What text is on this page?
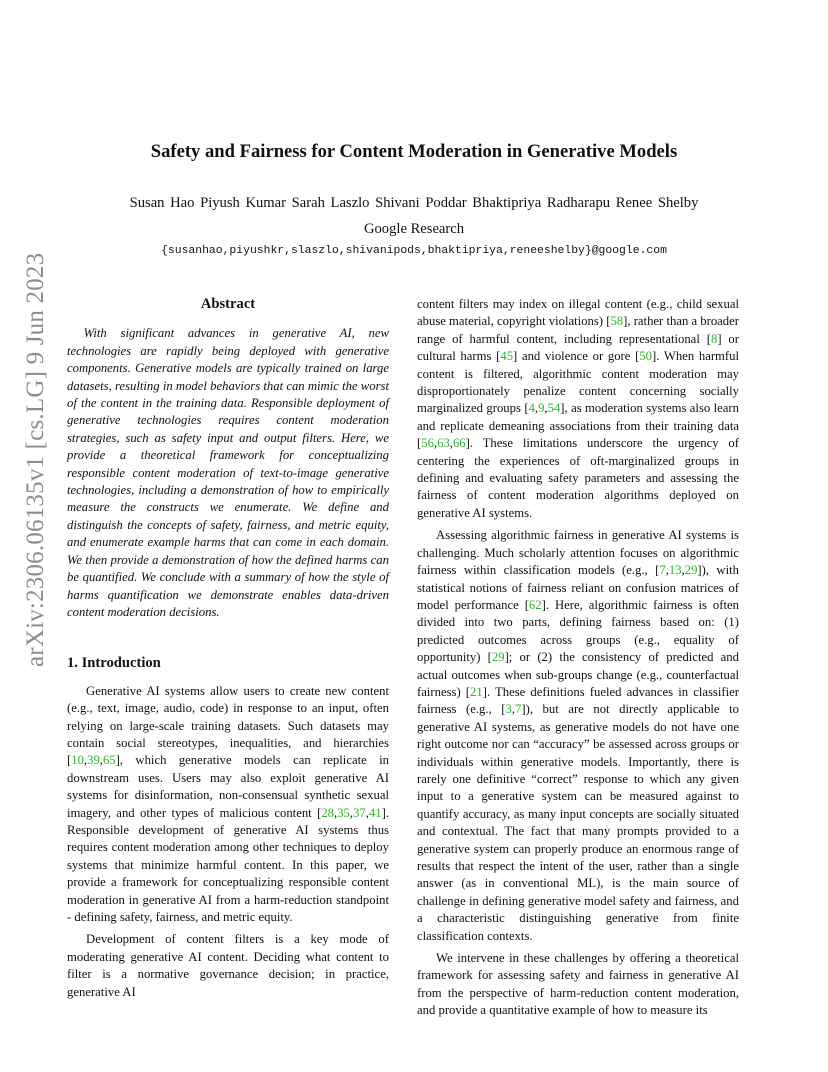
arXiv:2306.06135v1 [cs.LG] 9 Jun 2023
Safety and Fairness for Content Moderation in Generative Models
Susan Hao Piyush Kumar Sarah Laszlo Shivani Poddar Bhaktipriya Radharapu Renee Shelby
Google Research
{susanhao,piyushkr,slaszlo,shivanipods,bhaktipriya,reneeshelby}@google.com
Abstract

With significant advances in generative AI, new technologies are rapidly being deployed with generative components. Generative models are typically trained on large datasets, resulting in model behaviors that can mimic the worst of the content in the training data. Responsible deployment of generative technologies requires content moderation strategies, such as safety input and output filters. Here, we provide a theoretical framework for conceptualizing responsible content moderation of text-to-image generative technologies, including a demonstration of how to empirically measure the constructs we enumerate. We define and distinguish the concepts of safety, fairness, and metric equity, and enumerate example harms that can come in each domain. We then provide a demonstration of how the defined harms can be quantified. We conclude with a summary of how the style of harms quantification we demonstrate enables data-driven content moderation decisions.

1. Introduction

Generative AI systems allow users to create new content (e.g., text, image, audio, code) in response to an input, often relying on large-scale training datasets. Such datasets may contain social stereotypes, inequalities, and hierarchies [10,39,65], which generative models can replicate in downstream uses. Users may also exploit generative AI systems for disinformation, non-consensual synthetic sexual imagery, and other types of malicious content [28,35,37,41]. Responsible development of generative AI systems thus requires content moderation among other techniques to deploy systems that minimize harmful content. In this paper, we provide a framework for conceptualizing responsible content moderation in generative AI from a harm-reduction standpoint - defining safety, fairness, and metric equity.

Development of content filters is a key mode of moderating generative AI content. Deciding what content to filter is a normative governance decision; in practice, generative AI

content filters may index on illegal content (e.g., child sexual abuse material, copyright violations) [58], rather than a broader range of harmful content, including representational [8] or cultural harms [45] and violence or gore [50]. When harmful content is filtered, algorithmic content moderation may disproportionately penalize content concerning socially marginalized groups [4,9,54], as moderation systems also learn and replicate demeaning associations from their training data [56,63,66]. These limitations underscore the urgency of centering the experiences of oft-marginalized groups in defining and evaluating safety parameters and assessing the fairness of content moderation algorithms deployed on generative AI systems.

Assessing algorithmic fairness in generative AI systems is challenging. Much scholarly attention focuses on algorithmic fairness within classification models (e.g., [7,13,29]), with statistical notions of fairness reliant on confusion matrices of model performance [62]. Here, algorithmic fairness is often divided into two parts, defining fairness based on: (1) predicted outcomes across groups (e.g., equality of opportunity) [29]; or (2) the consistency of predicted and actual outcomes when sub-groups change (e.g., counterfactual fairness) [21]. These definitions fueled advances in classifier fairness (e.g., [3,7]), but are not directly applicable to generative AI systems, as generative models do not have one right outcome nor can “accuracy” be assessed across groups or individuals within generative models. Importantly, there is rarely one definitive “correct” response to which any given input to a generative system can be measured against to quantify accuracy, as many input concepts are socially situated and contextual. The fact that many prompts provided to a generative system can properly produce an enormous range of results that respect the intent of the user, rather than a single answer (as in conventional ML), is the main source of challenge in defining generative model safety and fairness, and a characteristic distinguishing generative from finite classification contexts.

We intervene in these challenges by offering a theoretical framework for assessing safety and fairness in generative AI from the perspective of harm-reduction content moderation, and provide a quantitative example of how to measure its
